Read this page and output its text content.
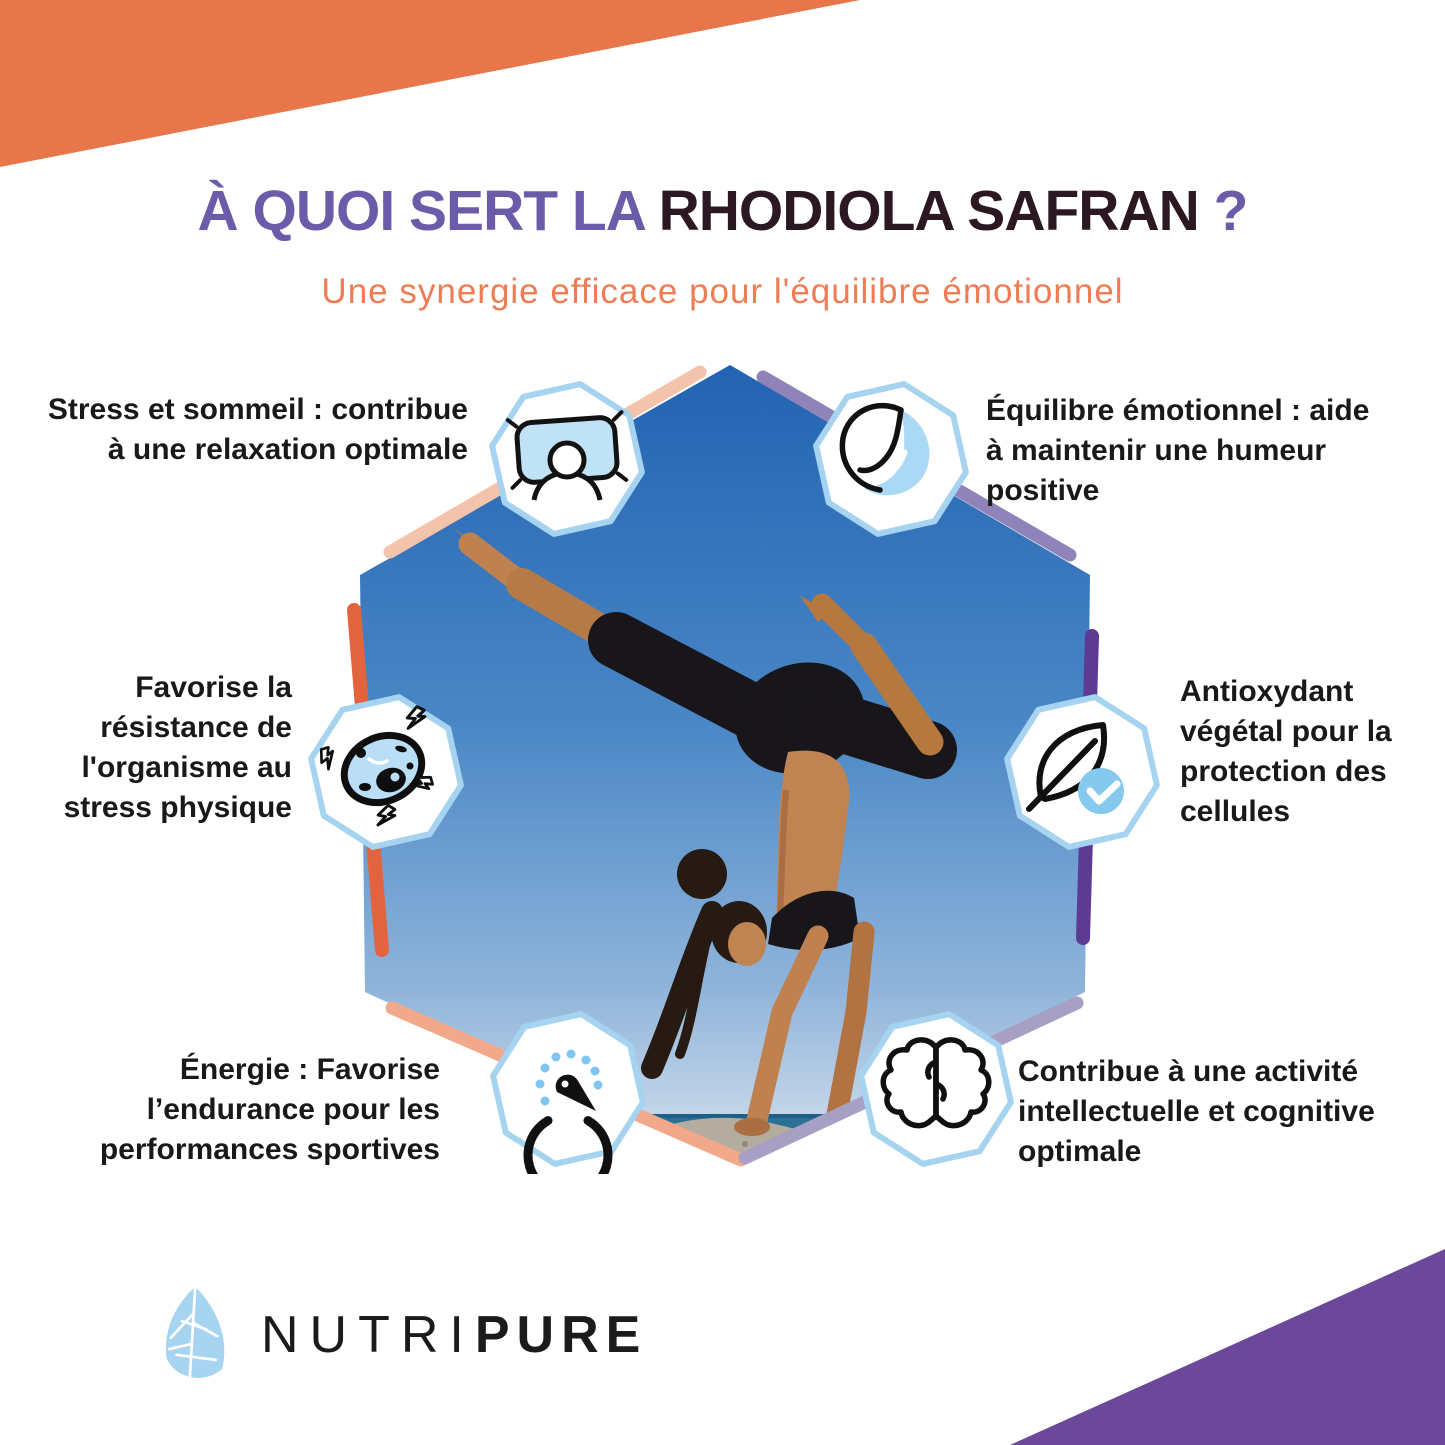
À QUOI SERT LA RHODIOLA SAFRAN ?
Une synergie efficace pour l'équilibre émotionnel
Stress et sommeil : contribue
à une relaxation optimale
Équilibre émotionnel : aide
à maintenir une humeur
positive
Favorise la
résistance de
l'organisme au
stress physique
Antioxydant
végétal pour la
protection des
cellules
Énergie : Favorise
l’endurance pour les
performances sportives
Contribue à une activité
intellectuelle et cognitive
optimale
NUTRIPURE
